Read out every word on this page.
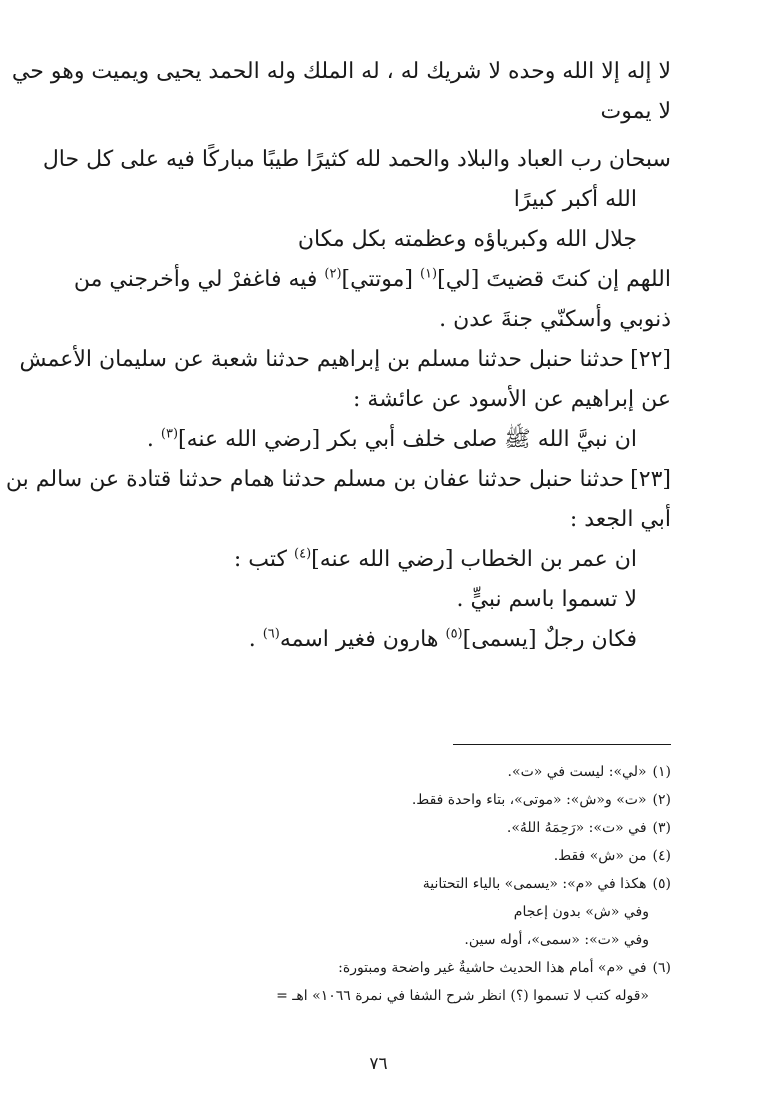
لا إله إلا الله وحده لا شريك له ، له الملك وله الحمد يحيى ويميت وهو حي
لا يموت
سبحان رب العباد والبلاد والحمد لله كثيرًا طيبًا مباركًا فيه على كل حال
الله أكبر كبيرًا
جلال الله وكبرياؤه وعظمته بكل مكان
اللهم إن كنتَ قضيتَ [لي]$^{(١)}$ [موتتي]$^{(٢)}$ فيه فاغفرْ لي وأخرجني من
ذنوبي وأسكنّي جنةَ عدن .
[٢٢]حدثنا حنبل حدثنا مسلم بن إبراهيم حدثنا شعبة عن سليمان الأعمش
عن إبراهيم عن الأسود عن عائشة :
ان نبيَّ الله ﷺ صلى خلف أبي بكر [رضي الله عنه]$^{(٣)}$ .
[٢٣]حدثنا حنبل حدثنا عفان بن مسلم حدثنا همام حدثنا قتادة عن سالم بن
أبي الجعد :
ان عمر بن الخطاب [رضي الله عنه]$^{(٤)}$ كتب :
لا تسموا باسم نبيٍّ .
فكان رجلٌ [يسمى]$^{(٥)}$ هارون فغير اسمه$^{(٦)}$ .
(١)«لي»: ليست في «ت».
(٢)«ت» و«ش»: «موتى»، بتاء واحدة فقط.
(٣)في «ت»: «رَحِمَهُ اللهُ».
(٤)من «ش» فقط.
(٥)هكذا في «م»: «يسمى» بالياء التحتانية
وفي «ش» بدون إعجام
وفي «ت»: «سمى»، أوله سين.
(٦)في «م» أمام هذا الحديث حاشيةٌ غير واضحة ومبتورة:
«قوله كتب لا تسموا (؟) انظر شرح الشفا في نمرة ١٠٦٦» اهـ =
٧٦
